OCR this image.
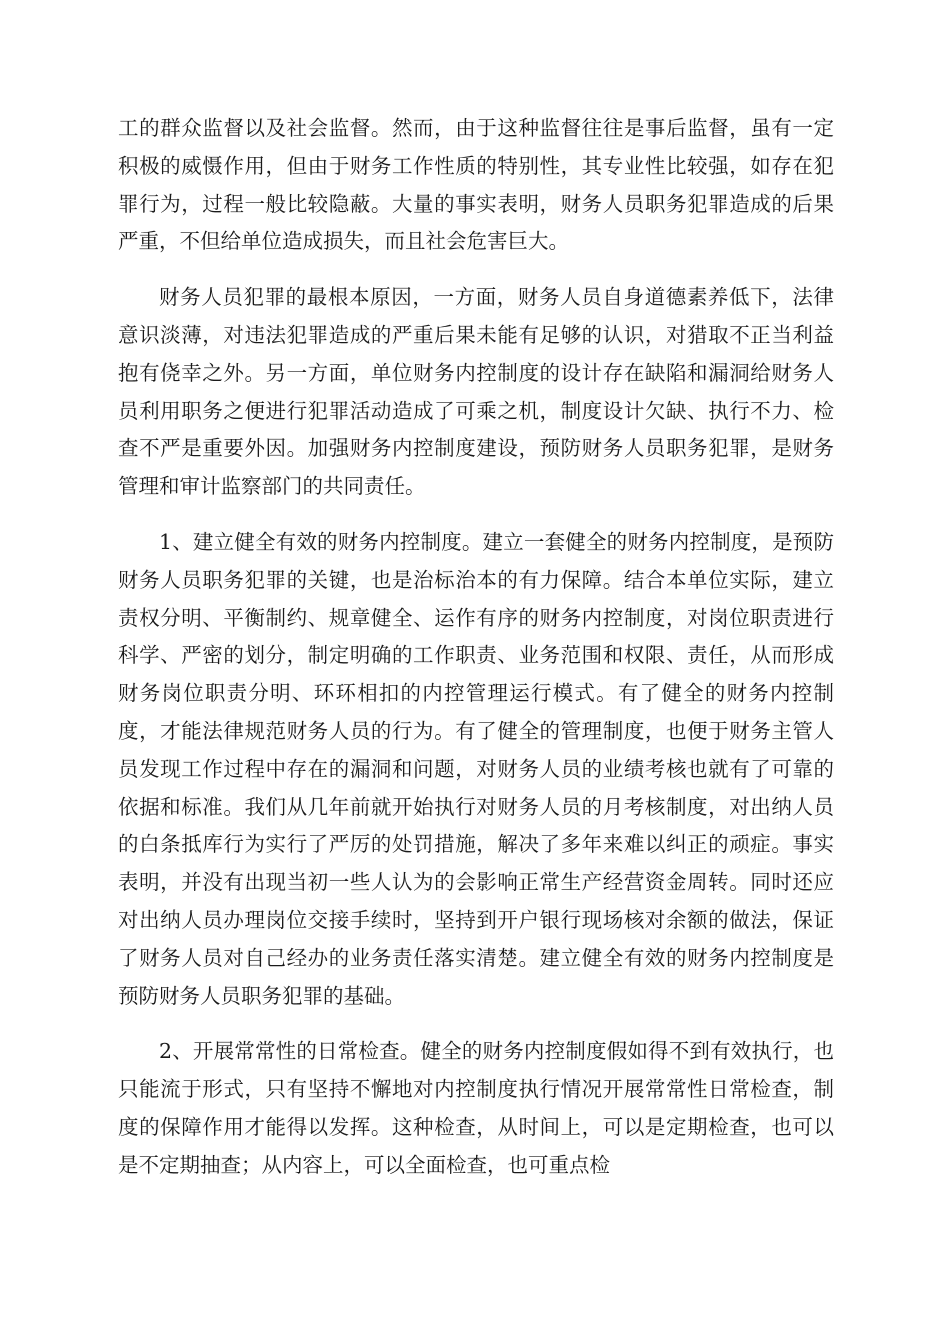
工的群众监督以及社会监督。然而，由于这种监督往往是事后监督，虽有一定积极的威慑作用，但由于财务工作性质的特别性，其专业性比较强，如存在犯罪行为，过程一般比较隐蔽。大量的事实表明，财务人员职务犯罪造成的后果严重，不但给单位造成损失，而且社会危害巨大。

财务人员犯罪的最根本原因，一方面，财务人员自身道德素养低下，法律意识淡薄，对违法犯罪造成的严重后果未能有足够的认识，对猎取不正当利益抱有侥幸之外。另一方面，单位财务内控制度的设计存在缺陷和漏洞给财务人员利用职务之便进行犯罪活动造成了可乘之机，制度设计欠缺、执行不力、检查不严是重要外因。加强财务内控制度建设，预防财务人员职务犯罪，是财务管理和审计监察部门的共同责任。

1、建立健全有效的财务内控制度。建立一套健全的财务内控制度，是预防财务人员职务犯罪的关键，也是治标治本的有力保障。结合本单位实际，建立责权分明、平衡制约、规章健全、运作有序的财务内控制度，对岗位职责进行科学、严密的划分，制定明确的工作职责、业务范围和权限、责任，从而形成财务岗位职责分明、环环相扣的内控管理运行模式。有了健全的财务内控制度，才能法律规范财务人员的行为。有了健全的管理制度，也便于财务主管人员发现工作过程中存在的漏洞和问题，对财务人员的业绩考核也就有了可靠的依据和标准。我们从几年前就开始执行对财务人员的月考核制度，对出纳人员的白条抵库行为实行了严厉的处罚措施，解决了多年来难以纠正的顽症。事实表明，并没有出现当初一些人认为的会影响正常生产经营资金周转。同时还应对出纳人员办理岗位交接手续时，坚持到开户银行现场核对余额的做法，保证了财务人员对自己经办的业务责任落实清楚。建立健全有效的财务内控制度是预防财务人员职务犯罪的基础。

2、开展常常性的日常检查。健全的财务内控制度假如得不到有效执行，也只能流于形式，只有坚持不懈地对内控制度执行情况开展常常性日常检查，制度的保障作用才能得以发挥。这种检查，从时间上，可以是定期检查，也可以是不定期抽查；从内容上，可以全面检查，也可重点检
